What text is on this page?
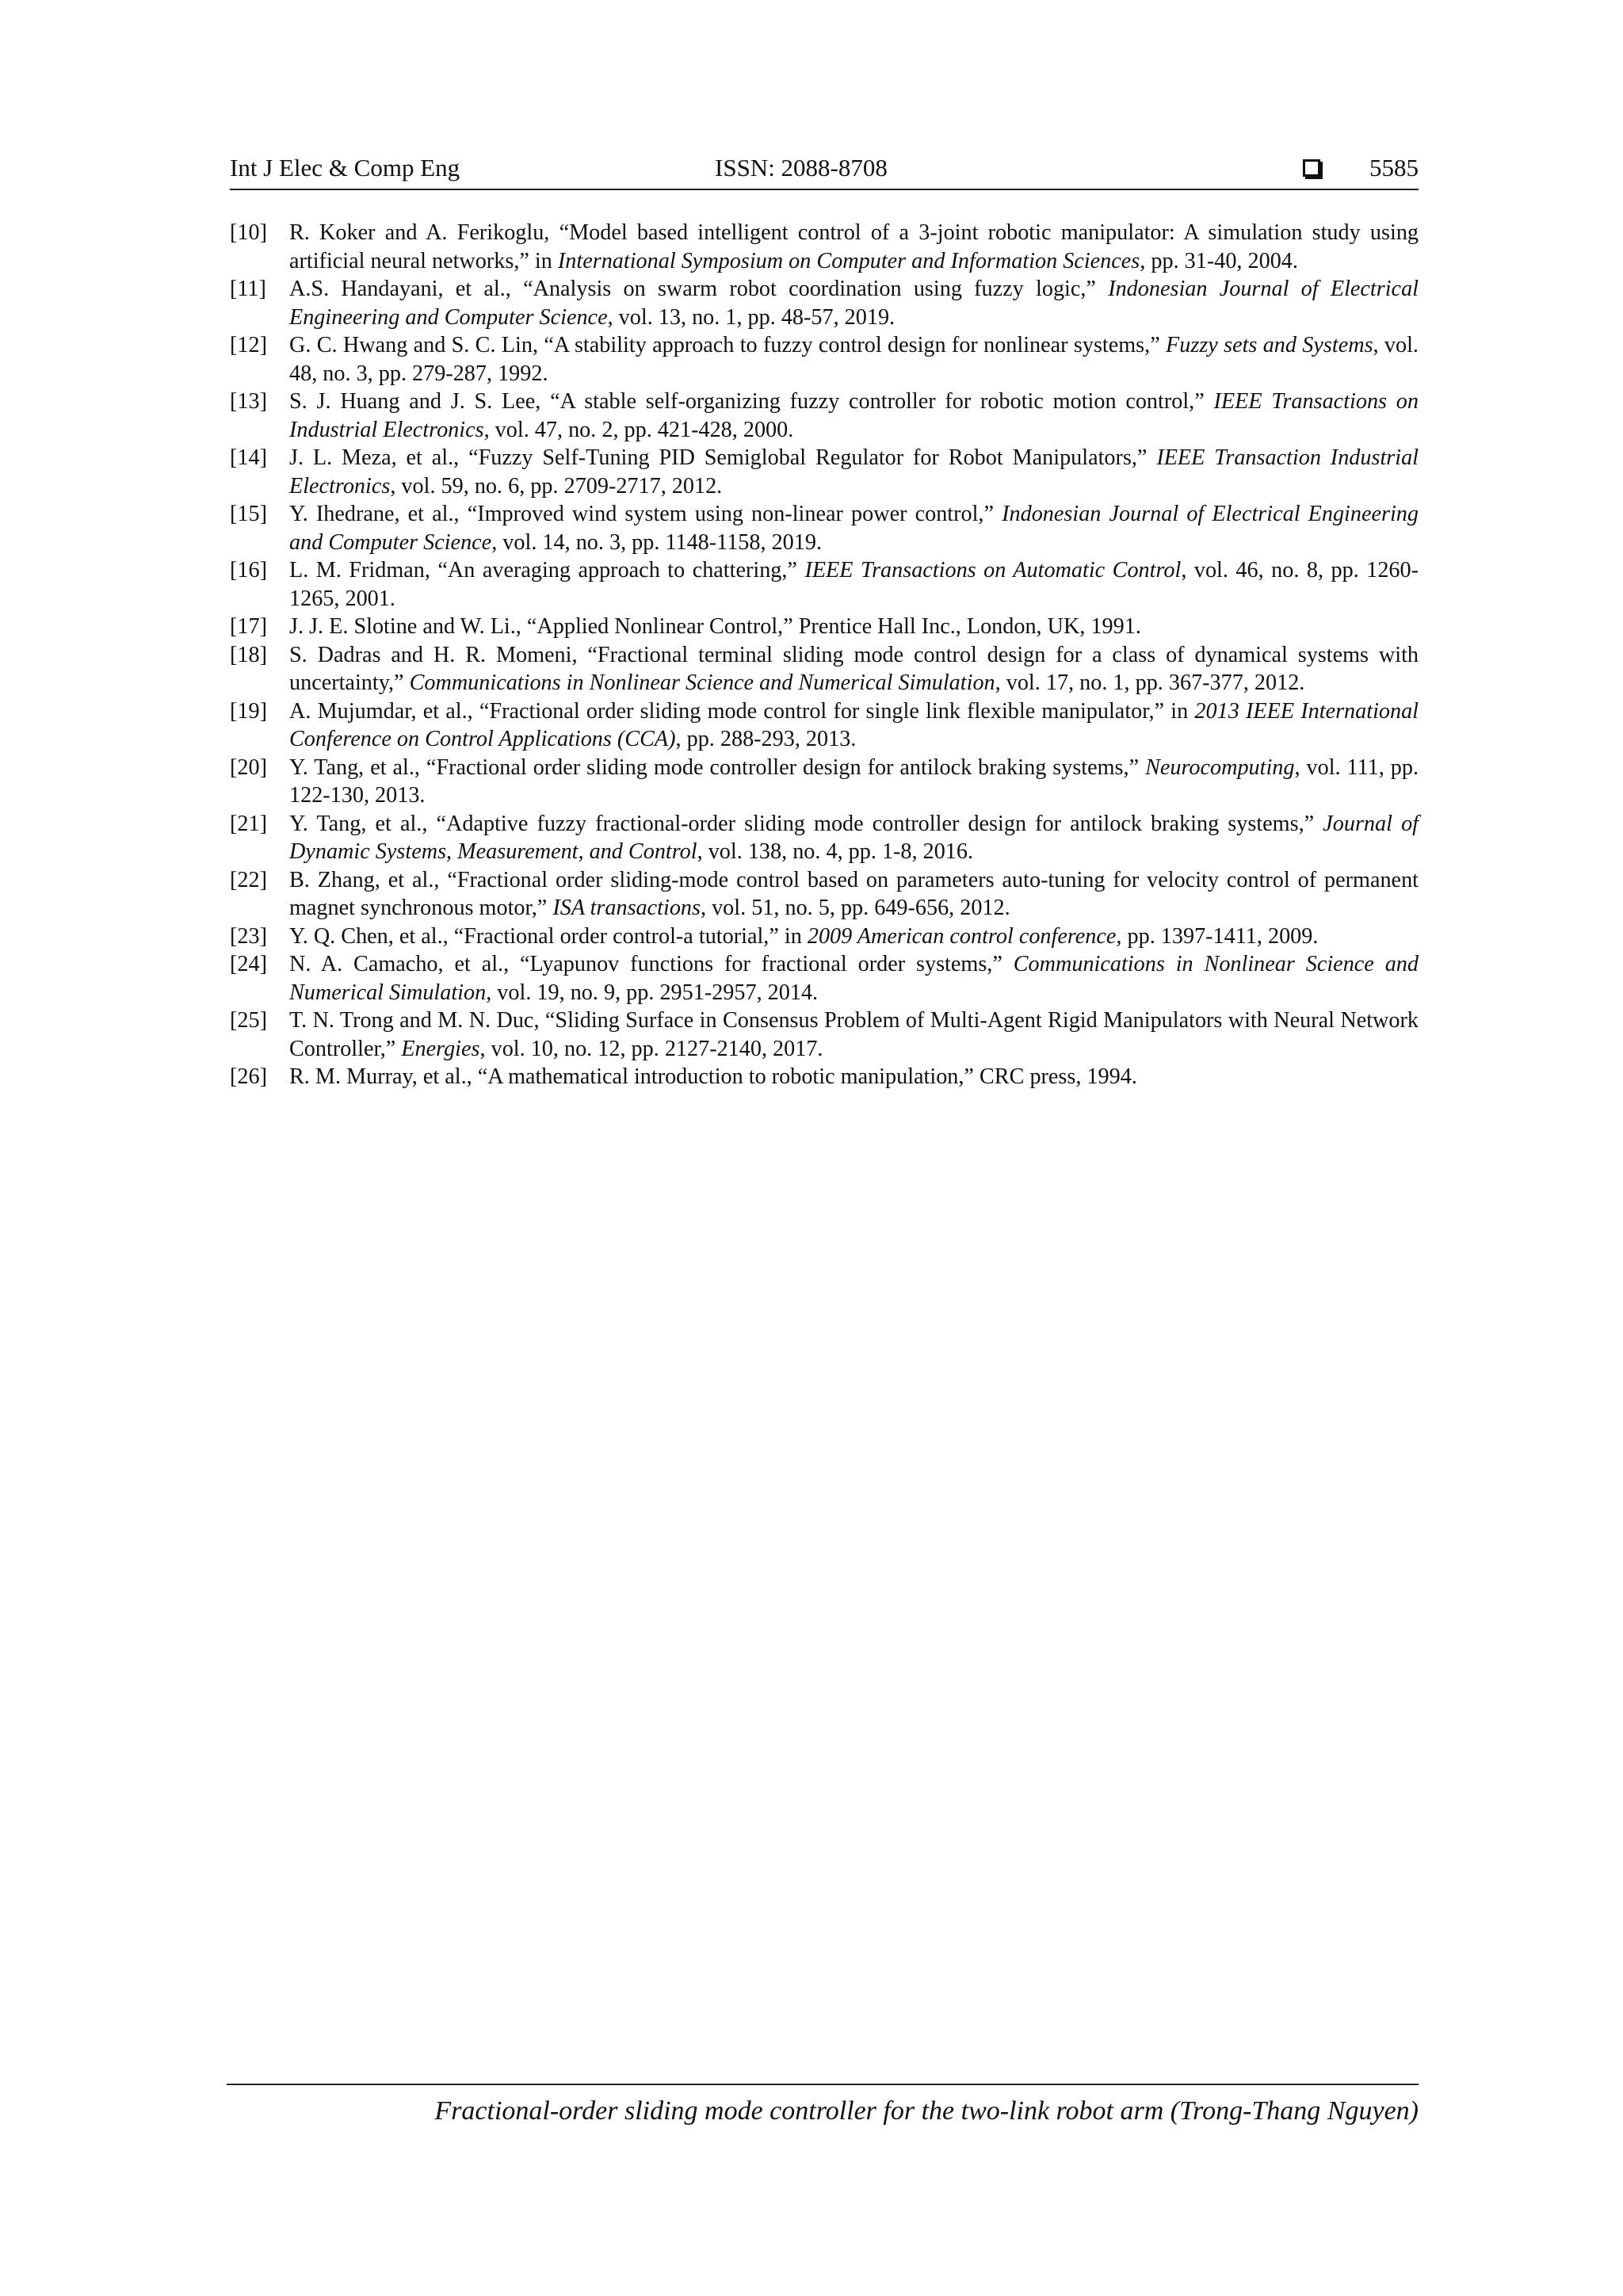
Int J Elec & Comp Eng	ISSN: 2088-8708	5585
[10] R. Koker and A. Ferikoglu, “Model based intelligent control of a 3-joint robotic manipulator: A simulation study using artificial neural networks,” in International Symposium on Computer and Information Sciences, pp. 31-40, 2004.
[11] A.S. Handayani, et al., “Analysis on swarm robot coordination using fuzzy logic,” Indonesian Journal of Electrical Engineering and Computer Science, vol. 13, no. 1, pp. 48-57, 2019.
[12] G. C. Hwang and S. C. Lin, “A stability approach to fuzzy control design for nonlinear systems,” Fuzzy sets and Systems, vol. 48, no. 3, pp. 279-287, 1992.
[13] S. J. Huang and J. S. Lee, “A stable self-organizing fuzzy controller for robotic motion control,” IEEE Transactions on Industrial Electronics, vol. 47, no. 2, pp. 421-428, 2000.
[14] J. L. Meza, et al., “Fuzzy Self-Tuning PID Semiglobal Regulator for Robot Manipulators,” IEEE Transaction Industrial Electronics, vol. 59, no. 6, pp. 2709-2717, 2012.
[15] Y. Ihedrane, et al., “Improved wind system using non-linear power control,” Indonesian Journal of Electrical Engineering and Computer Science, vol. 14, no. 3, pp. 1148-1158, 2019.
[16] L. M. Fridman, “An averaging approach to chattering,” IEEE Transactions on Automatic Control, vol. 46, no. 8, pp. 1260-1265, 2001.
[17] J. J. E. Slotine and W. Li., “Applied Nonlinear Control,” Prentice Hall Inc., London, UK, 1991.
[18] S. Dadras and H. R. Momeni, “Fractional terminal sliding mode control design for a class of dynamical systems with uncertainty,” Communications in Nonlinear Science and Numerical Simulation, vol. 17, no. 1, pp. 367-377, 2012.
[19] A. Mujumdar, et al., “Fractional order sliding mode control for single link flexible manipulator,” in 2013 IEEE International Conference on Control Applications (CCA), pp. 288-293, 2013.
[20] Y. Tang, et al., “Fractional order sliding mode controller design for antilock braking systems,” Neurocomputing, vol. 111, pp. 122-130, 2013.
[21] Y. Tang, et al., “Adaptive fuzzy fractional-order sliding mode controller design for antilock braking systems,” Journal of Dynamic Systems, Measurement, and Control, vol. 138, no. 4, pp. 1-8, 2016.
[22] B. Zhang, et al., “Fractional order sliding-mode control based on parameters auto-tuning for velocity control of permanent magnet synchronous motor,” ISA transactions, vol. 51, no. 5, pp. 649-656, 2012.
[23] Y. Q. Chen, et al., “Fractional order control-a tutorial,” in 2009 American control conference, pp. 1397-1411, 2009.
[24] N. A. Camacho, et al., “Lyapunov functions for fractional order systems,” Communications in Nonlinear Science and Numerical Simulation, vol. 19, no. 9, pp. 2951-2957, 2014.
[25] T. N. Trong and M. N. Duc, “Sliding Surface in Consensus Problem of Multi-Agent Rigid Manipulators with Neural Network Controller,” Energies, vol. 10, no. 12, pp. 2127-2140, 2017.
[26] R. M. Murray, et al., “A mathematical introduction to robotic manipulation,” CRC press, 1994.
Fractional-order sliding mode controller for the two-link robot arm (Trong-Thang Nguyen)
